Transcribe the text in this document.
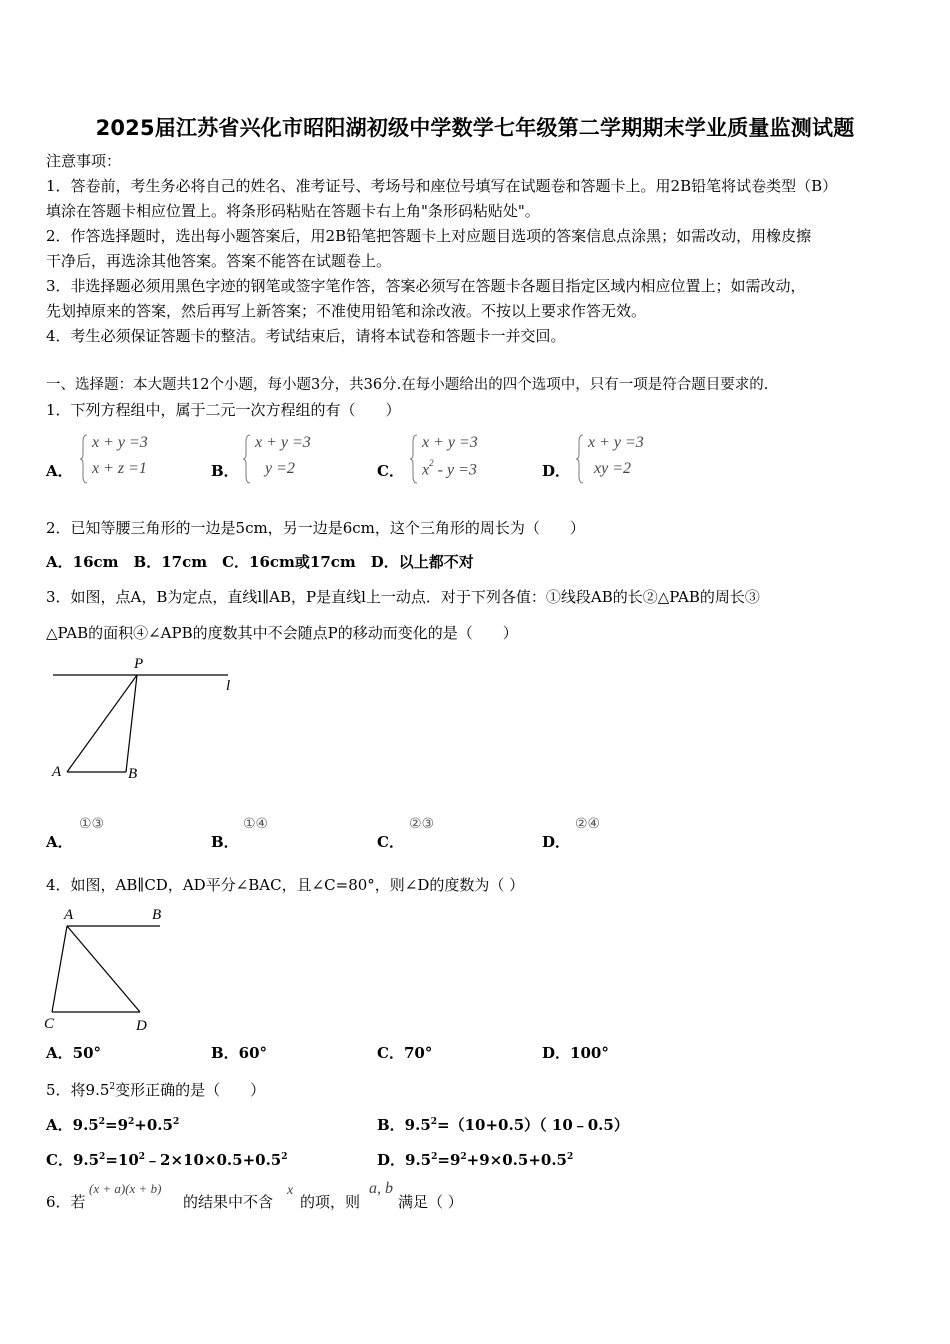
2025届江苏省兴化市昭阳湖初级中学数学七年级第二学期期末学业质量监测试题
注意事项：
1．答卷前，考生务必将自己的姓名、准考证号、考场号和座位号填写在试题卷和答题卡上。用2B铅笔将试卷类型（B）
填涂在答题卡相应位置上。将条形码粘贴在答题卡右上角"条形码粘贴处"。
2．作答选择题时，选出每小题答案后，用2B铅笔把答题卡上对应题目选项的答案信息点涂黑；如需改动，用橡皮擦
干净后，再选涂其他答案。答案不能答在试题卷上。
3．非选择题必须用黑色字迹的钢笔或签字笔作答，答案必须写在答题卡各题目指定区域内相应位置上；如需改动，
先划掉原来的答案，然后再写上新答案；不准使用铅笔和涂改液。不按以上要求作答无效。
4．考生必须保证答题卡的整洁。考试结束后，请将本试卷和答题卡一并交回。
一、选择题：本大题共12个小题，每小题3分，共36分.在每小题给出的四个选项中，只有一项是符合题目要求的.
1．下列方程组中，属于二元一次方程组的有（　　）
A．
x + y =3
x + z =1	B．
x + y =3
y =2	C．
x + y =3
$x^2 - y =3$	D．
x + y =3
xy =2
2．已知等腰三角形的一边是5cm，另一边是6cm，这个三角形的周长为（　　）
A．16cm　B．17cm　C．16cm或17cm　D．以上都不对
3．如图，点A，B为定点，直线l∥AB，P是直线l上一动点．对于下列各值：①线段AB的长②△PAB的周长③
△PAB的面积④∠APB的度数其中不会随点P的移动而变化的是（　　）
P
l
A	B
A．
①③
B．
①④
C．
②③
D．
②④
4．如图，AB∥CD，AD平分∠BAC，且∠C=80°，则∠D的度数为（ ）
A	B
C	D
A．50°	B．60°	C．70°	D．100°
5．将$9.5^2$变形正确的是（　　）
A．$9.5^2=9^2+0.5^2$	B．$9.5^2=(10+0.5)$（ 10﹣0.5）
C．$9.5^2=10^2﹣2\times 10\times 0.5+0.5^2$	D．$9.5^2=9^2+9\times 0.5+0.5^2$
6．若
(x + a)(x + b)
的结果中不含
x
的项，则
a, b
满足（ ）
